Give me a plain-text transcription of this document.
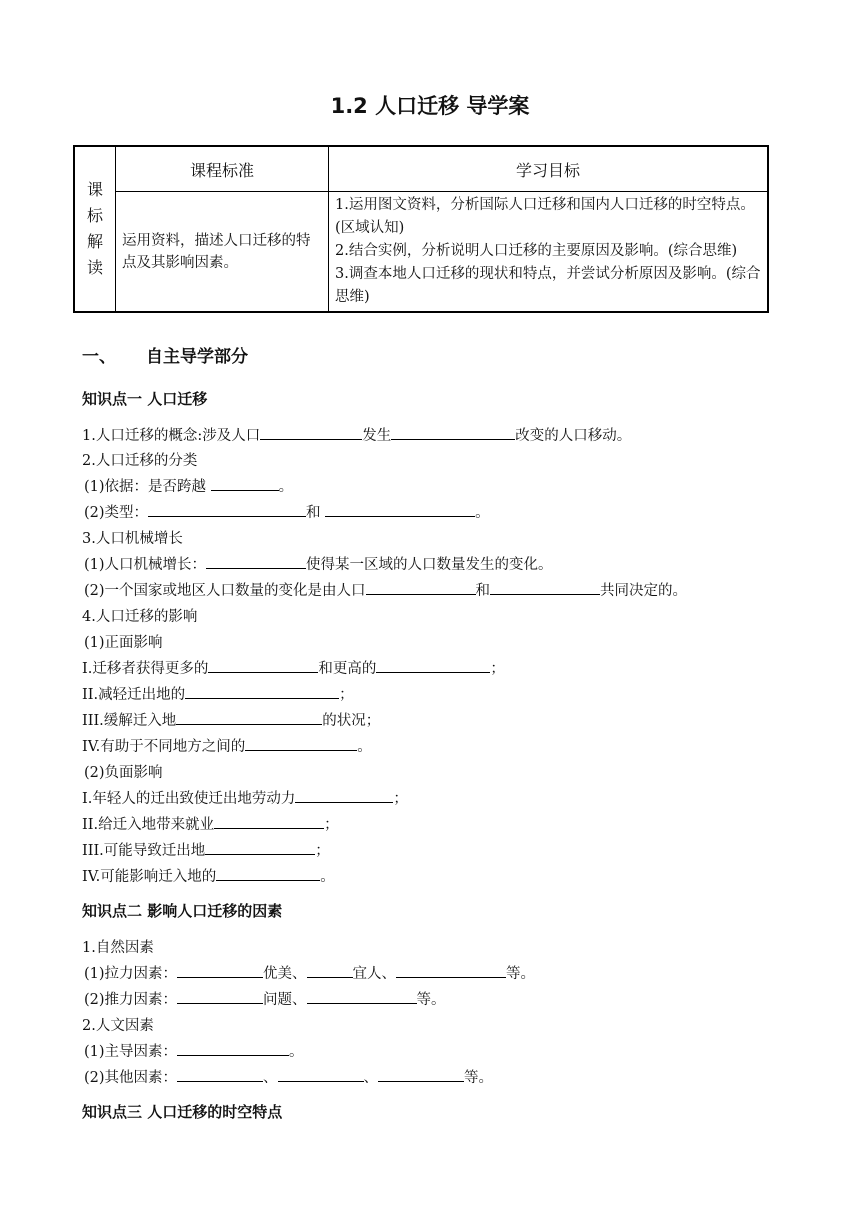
1.2 人口迁移 导学案
课
标
解
读	课程标准	学习目标
	运用资料，描述人口迁移的特点及其影响因素。	1.运用图文资料，分析国际人口迁移和国内人口迁移的时空特点。(区域认知)
2.结合实例，分析说明人口迁移的主要原因及影响。(综合思维)
3.调查本地人口迁移的现状和特点，并尝试分析原因及影响。(综合思维)
一、 自主导学部分
知识点一 人口迁移
1.人口迁移的概念:涉及人口	发生	改变的人口移动。
2.人口迁移的分类
(1)依据：是否跨越	。
(2)类型：	和	。
3.人口机械增长
(1)人口机械增长：	使得某一区域的人口数量发生的变化。
(2)一个国家或地区人口数量的变化是由人口	和	共同决定的。
4.人口迁移的影响
(1)正面影响
I.迁移者获得更多的	和更高的	；
II.减轻迁出地的	；
III.缓解迁入地	的状况；
IV.有助于不同地方之间的	。
(2)负面影响
I.年轻人的迁出致使迁出地劳动力	；
II.给迁入地带来就业	；
III.可能导致迁出地	；
IV.可能影响迁入地的	。
知识点二 影响人口迁移的因素
1.自然因素
(1)拉力因素：	优美、	宜人、	等。
(2)推力因素：	问题、	等。
2.人文因素
(1)主导因素：	。
(2)其他因素：	、	、	等。
知识点三 人口迁移的时空特点
